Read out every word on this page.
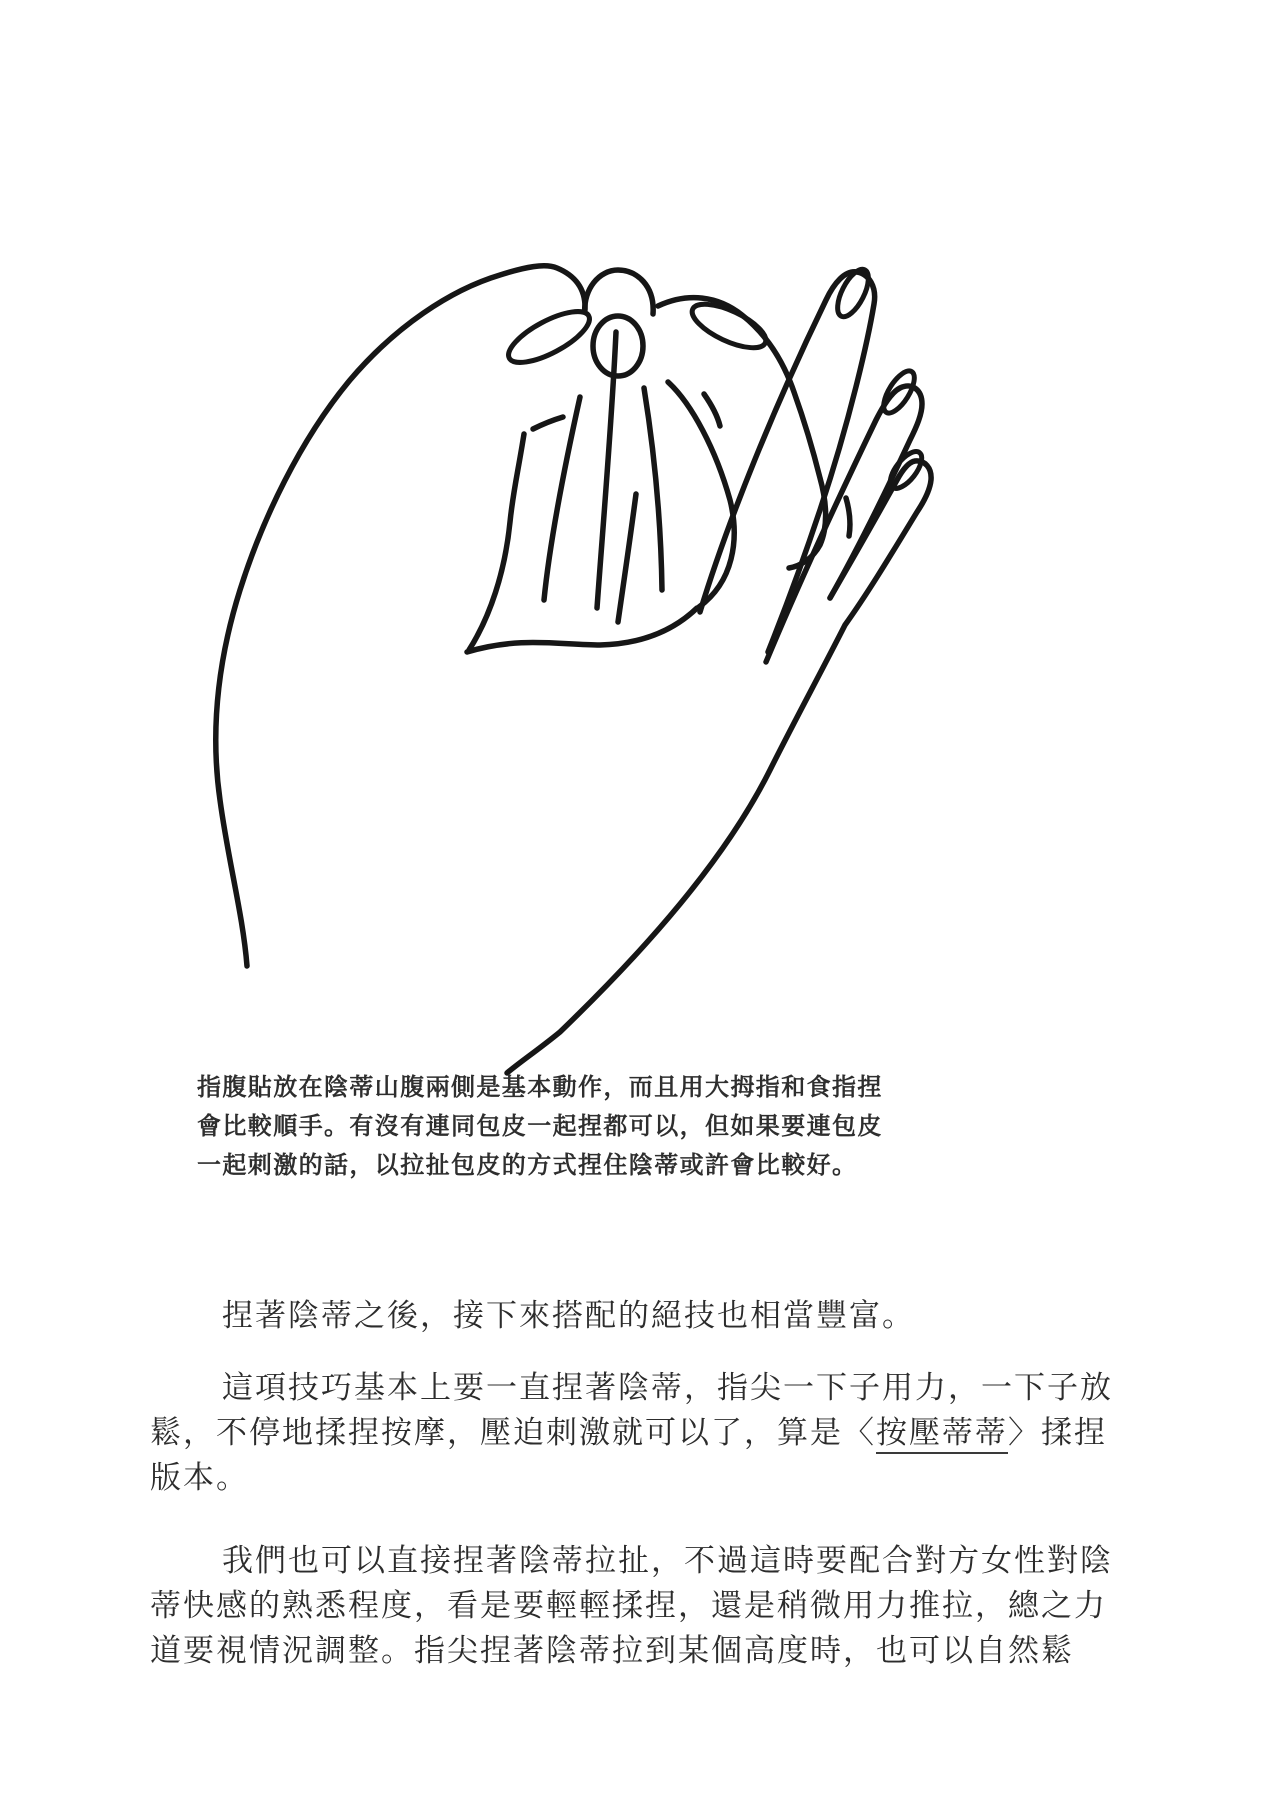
指腹貼放在陰蒂山腹兩側是基本動作，而且用大拇指和食指捏
會比較順手。有沒有連同包皮一起捏都可以，但如果要連包皮
一起刺激的話，以拉扯包皮的方式捏住陰蒂或許會比較好。
捏著陰蒂之後，接下來搭配的絕技也相當豐富。
這項技巧基本上要一直捏著陰蒂，指尖一下子用力，一下子放
鬆，不停地揉捏按摩，壓迫刺激就可以了，算是〈按壓蒂蒂〉揉捏
版本。
我們也可以直接捏著陰蒂拉扯，不過這時要配合對方女性對陰
蒂快感的熟悉程度，看是要輕輕揉捏，還是稍微用力推拉，總之力
道要視情況調整。指尖捏著陰蒂拉到某個高度時，也可以自然鬆
